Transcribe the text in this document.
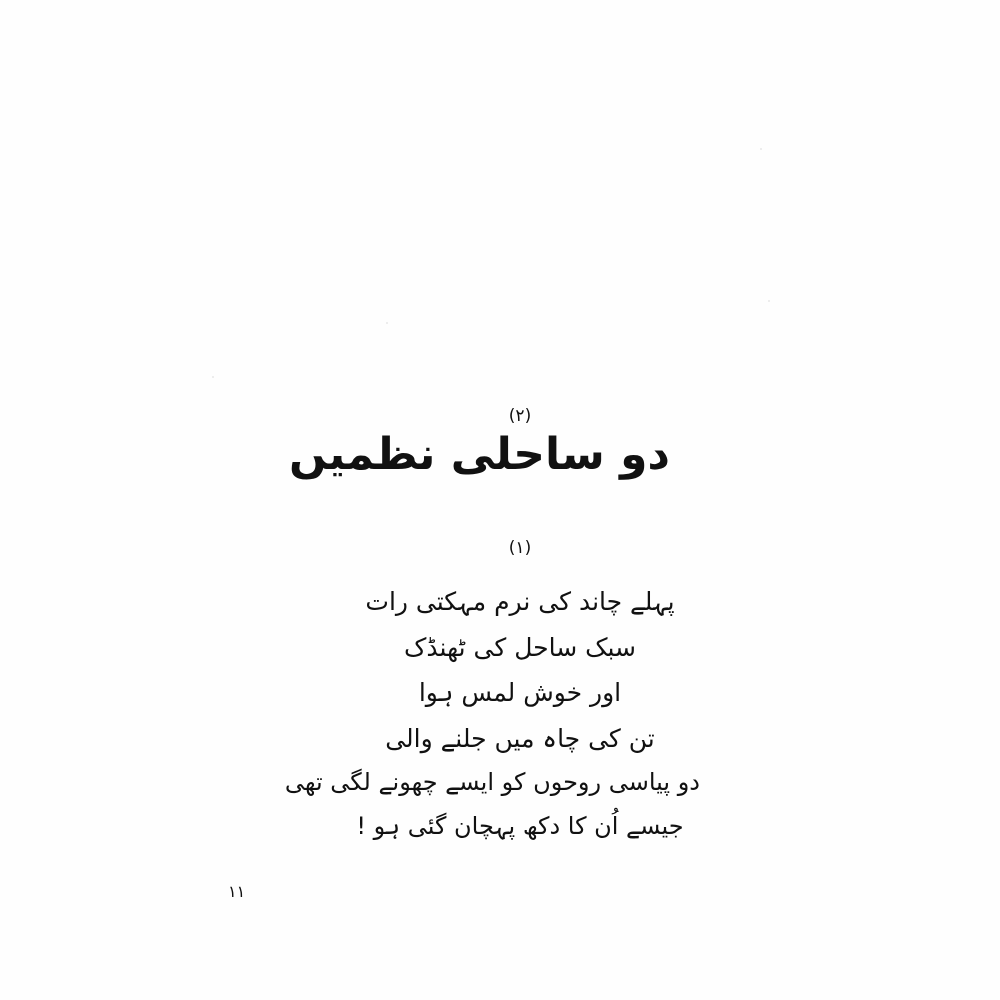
(۲)
دو ساحلی نظمیں
(۱)
پہلے چاند کی نرم مہکتی رات
سبک ساحل کی ٹھنڈک
اور خوش لمس ہوا
تن کی چاہ میں جلنے والی
دو پیاسی روحوں کو ایسے چھونے لگی تھی
جیسے اُن کا دکھ پہچان گئی ہو !
۱۱
